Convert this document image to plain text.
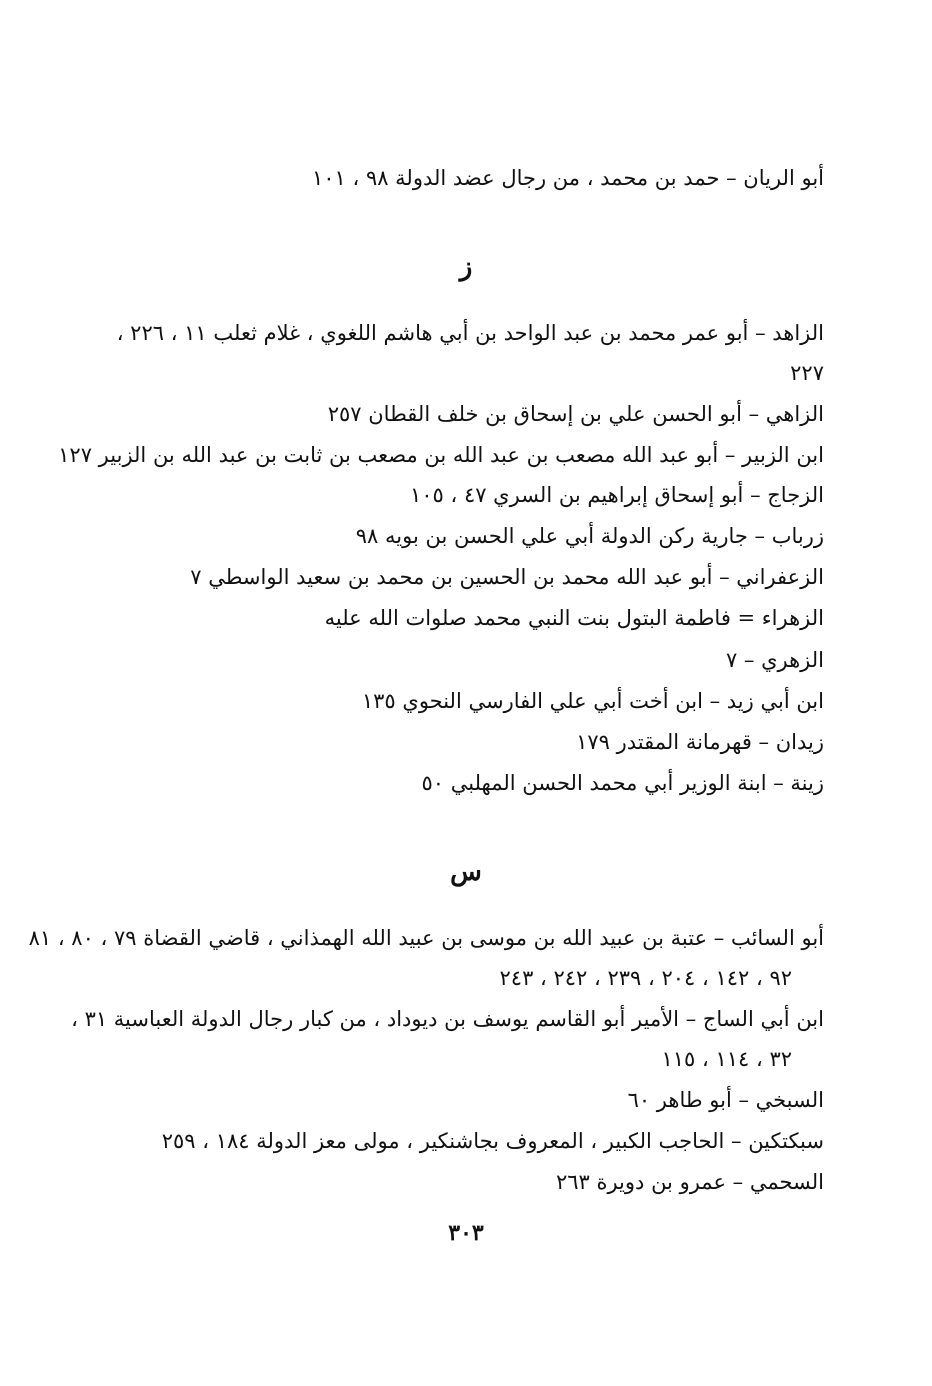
أبو الريان – حمد بن محمد ، من رجال عضد الدولة ٩٨ ، ١٠١
ز
الزاهد – أبو عمر محمد بن عبد الواحد بن أبي هاشم اللغوي ، غلام ثعلب ١١ ، ٢٢٦ ،
٢٢٧
الزاهي – أبو الحسن علي بن إسحاق بن خلف القطان ٢٥٧
ابن الزبير – أبو عبد الله مصعب بن عبد الله بن مصعب بن ثابت بن عبد الله بن الزبير ١٢٧
الزجاج – أبو إسحاق إبراهيم بن السري ٤٧ ، ١٠٥
زرباب – جارية ركن الدولة أبي علي الحسن بن بويه ٩٨
الزعفراني – أبو عبد الله محمد بن الحسين بن محمد بن سعيد الواسطي ٧
الزهراء = فاطمة البتول بنت النبي محمد صلوات الله عليه
الزهري – ٧
ابن أبي زيد – ابن أخت أبي علي الفارسي النحوي ١٣٥
زيدان – قهرمانة المقتدر ١٧٩
زينة – ابنة الوزير أبي محمد الحسن المهلبي ٥٠
س
أبو السائب – عتبة بن عبيد الله بن موسى بن عبيد الله الهمذاني ، قاضي القضاة ٧٩ ، ٨٠ ، ٨١
٩٢ ، ١٤٢ ، ٢٠٤ ، ٢٣٩ ، ٢٤٢ ، ٢٤٣
ابن أبي الساج – الأمير أبو القاسم يوسف بن ديوداد ، من كبار رجال الدولة العباسية ٣١ ،
٣٢ ، ١١٤ ، ١١٥
السبخي – أبو طاهر ٦٠
سبكتكين – الحاجب الكبير ، المعروف بجاشنكير ، مولى معز الدولة ١٨٤ ، ٢٥٩
السحمي – عمرو بن دويرة ٢٦٣
٣٠٣
